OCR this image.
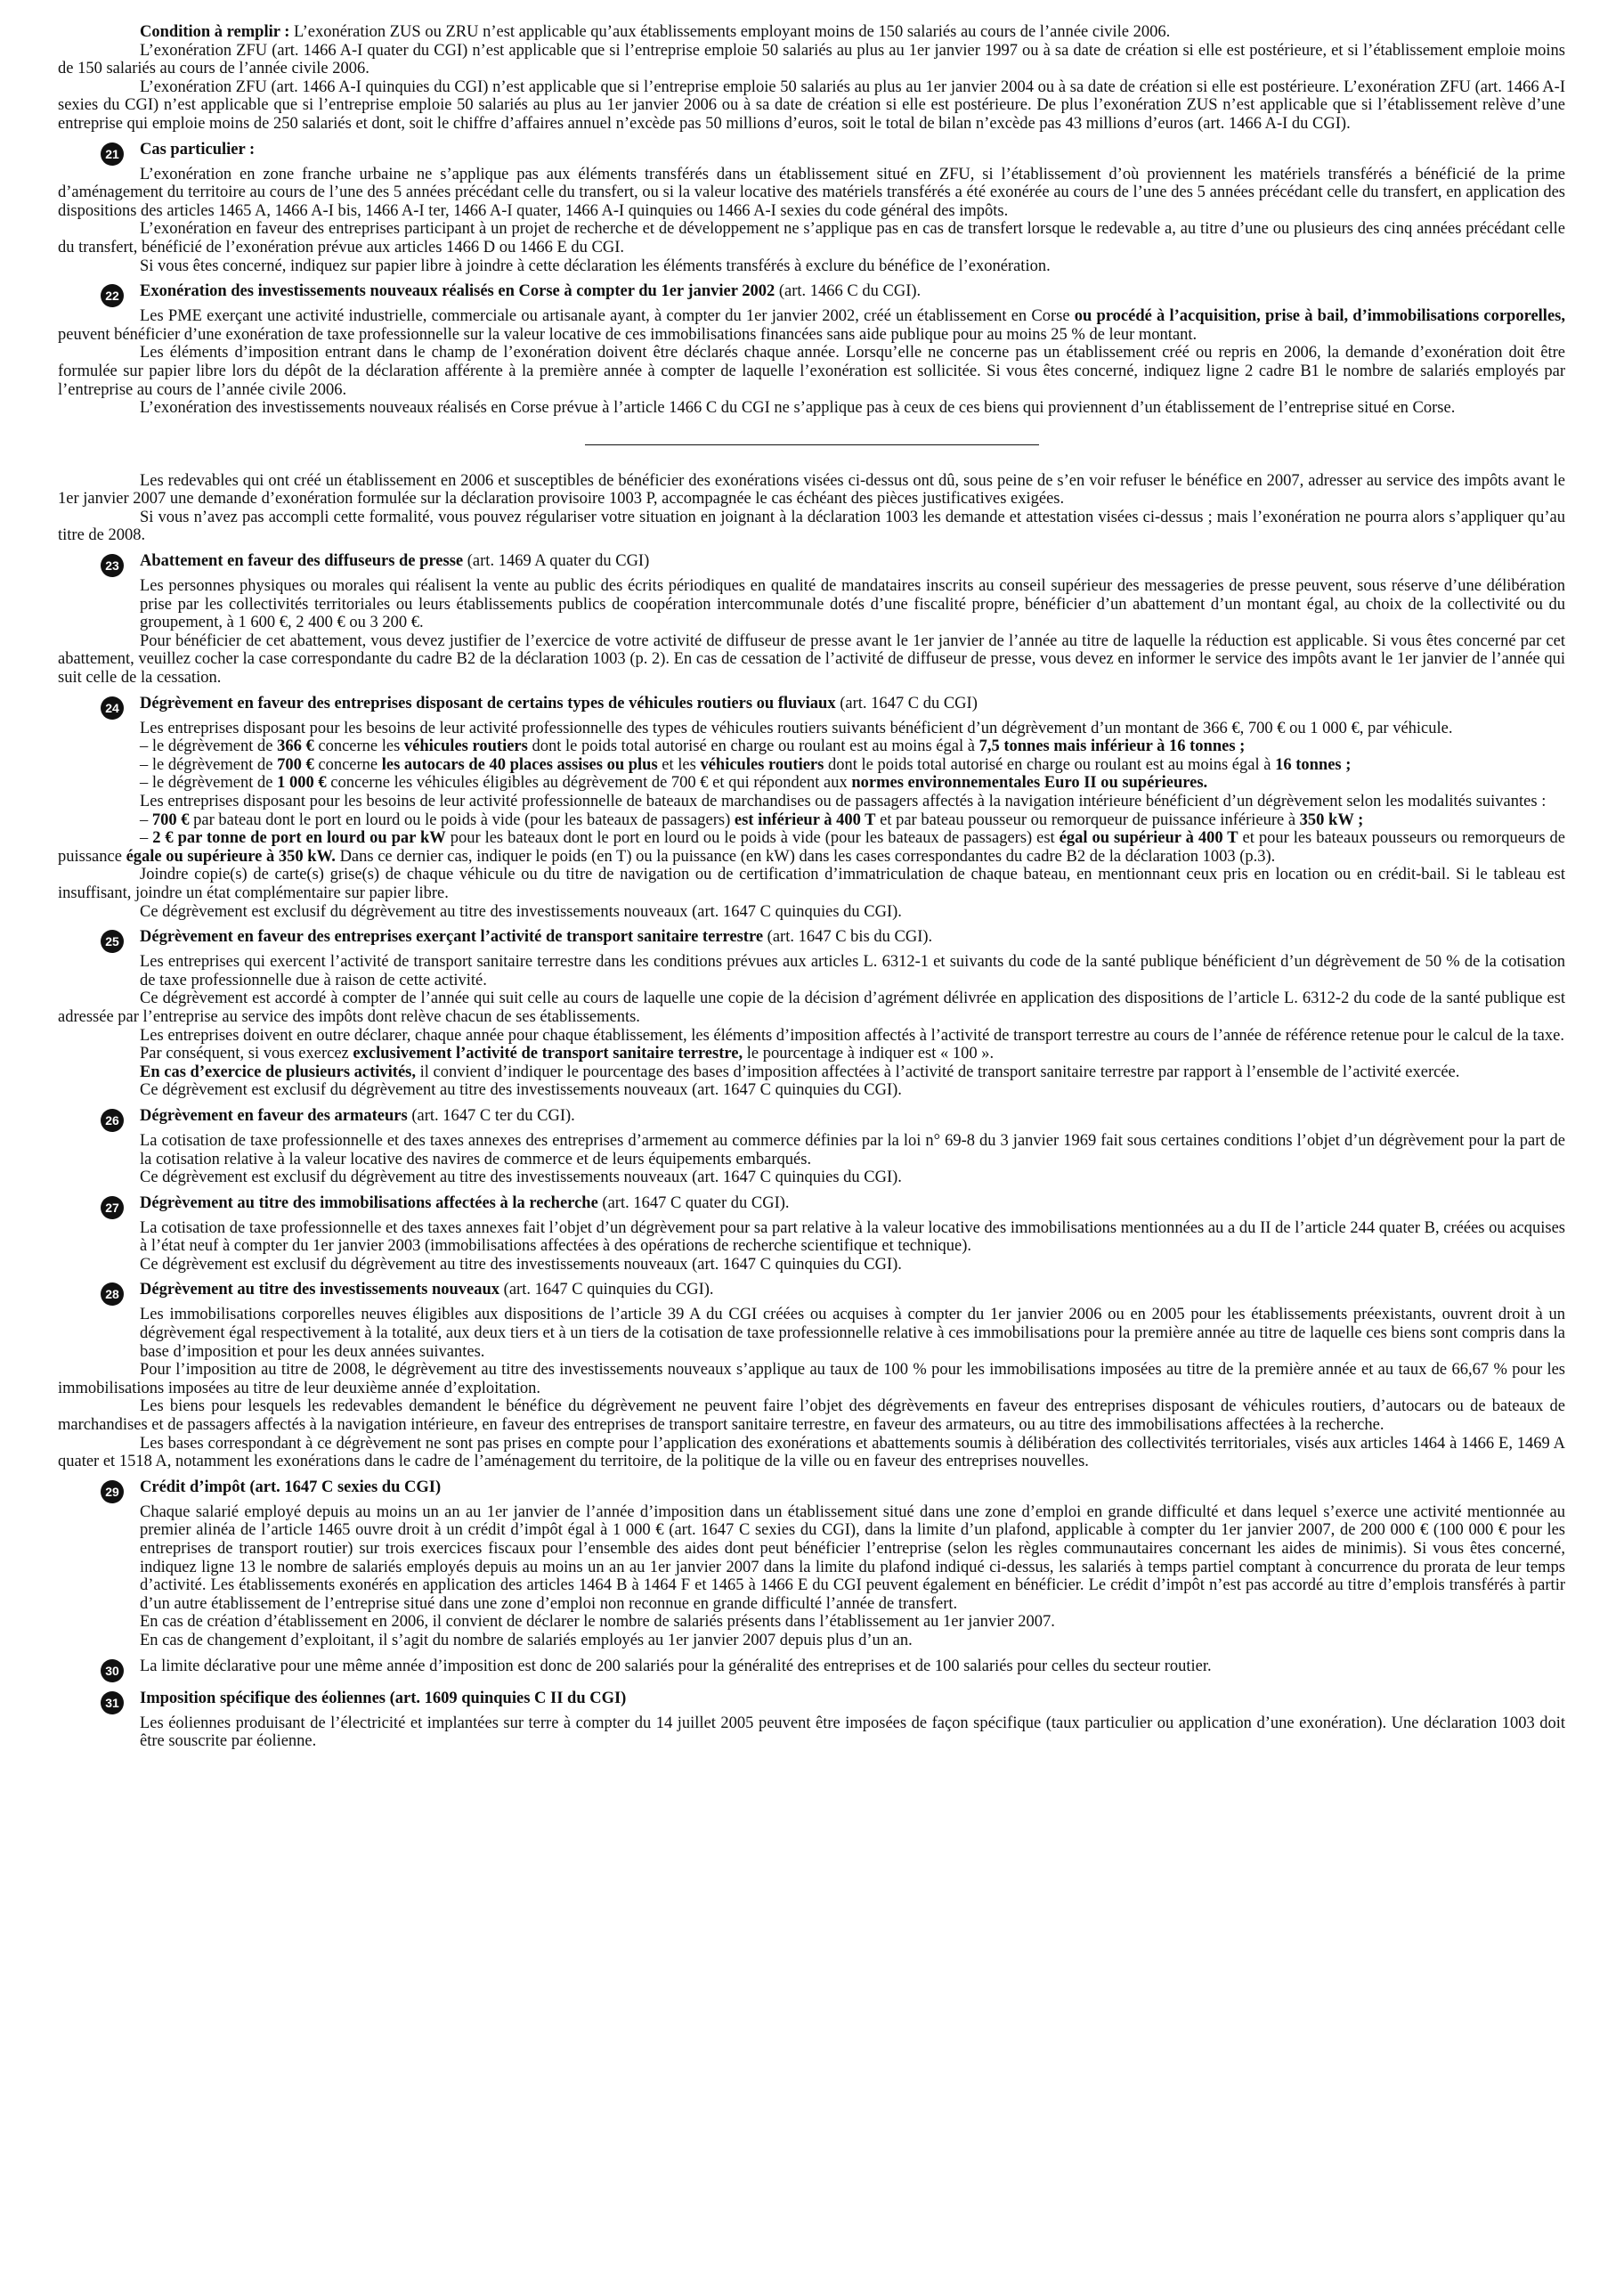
Condition à remplir : L’exonération ZUS ou ZRU n’est applicable qu’aux établissements employant moins de 150 salariés au cours de l’année civile 2006.

L’exonération ZFU (art. 1466 A-I quater du CGI) n’est applicable que si l’entreprise emploie 50 salariés au plus au 1er janvier 1997 ou à sa date de création si elle est postérieure, et si l’établissement emploie moins de 150 salariés au cours de l’année civile 2006.

L’exonération ZFU (art. 1466 A-I quinquies du CGI) n’est applicable que si l’entreprise emploie 50 salariés au plus au 1er janvier 2004 ou à sa date de création si elle est postérieure. L’exonération ZFU (art. 1466 A-I sexies du CGI) n’est applicable que si l’entreprise emploie 50 salariés au plus au 1er janvier 2006 ou à sa date de création si elle est postérieure. De plus l’exonération ZUS n’est applicable que si l’établissement relève d’une entreprise qui emploie moins de 250 salariés et dont, soit le chiffre d’affaires annuel n’excède pas 50 millions d’euros, soit le total de bilan n’excède pas 43 millions d’euros (art. 1466 A-I du CGI).

21 Cas particulier :

L’exonération en zone franche urbaine ne s’applique pas aux éléments transférés dans un établissement situé en ZFU, si l’établissement d’où proviennent les matériels transférés a bénéficié de la prime d’aménagement du territoire au cours de l’une des 5 années précédant celle du transfert, ou si la valeur locative des matériels transférés a été exonérée au cours de l’une des 5 années précédant celle du transfert, en application des dispositions des articles 1465 A, 1466 A-I bis, 1466 A-I ter, 1466 A-I quater, 1466 A-I quinquies ou 1466 A-I sexies du code général des impôts.

L’exonération en faveur des entreprises participant à un projet de recherche et de développement ne s’applique pas en cas de transfert lorsque le redevable a, au titre d’une ou plusieurs des cinq années précédant celle du transfert, bénéficié de l’exonération prévue aux articles 1466 D ou 1466 E du CGI.

Si vous êtes concerné, indiquez sur papier libre à joindre à cette déclaration les éléments transférés à exclure du bénéfice de l’exonération.

22 Exonération des investissements nouveaux réalisés en Corse à compter du 1er janvier 2002 (art. 1466 C du CGI).

Les PME exerçant une activité industrielle, commerciale ou artisanale ayant, à compter du 1er janvier 2002, créé un établissement en Corse ou procédé à l’acquisition, prise à bail, d’immobilisations corporelles, peuvent bénéficier d’une exonération de taxe professionnelle sur la valeur locative de ces immobilisations financées sans aide publique pour au moins 25 % de leur montant.

Les éléments d’imposition entrant dans le champ de l’exonération doivent être déclarés chaque année. Lorsqu’elle ne concerne pas un établissement créé ou repris en 2006, la demande d’exonération doit être formulée sur papier libre lors du dépôt de la déclaration afférente à la première année à compter de laquelle l’exonération est sollicitée. Si vous êtes concerné, indiquez ligne 2 cadre B1 le nombre de salariés employés par l’entreprise au cours de l’année civile 2006.

L’exonération des investissements nouveaux réalisés en Corse prévue à l’article 1466 C du CGI ne s’applique pas à ceux de ces biens qui proviennent d’un établissement de l’entreprise situé en Corse.

Les redevables qui ont créé un établissement en 2006 et susceptibles de bénéficier des exonérations visées ci-dessus ont dû, sous peine de s’en voir refuser le bénéfice en 2007, adresser au service des impôts avant le 1er janvier 2007 une demande d’exonération formulée sur la déclaration provisoire 1003 P, accompagnée le cas échéant des pièces justificatives exigées.

Si vous n’avez pas accompli cette formalité, vous pouvez régulariser votre situation en joignant à la déclaration 1003 les demande et attestation visées ci-dessus ; mais l’exonération ne pourra alors s’appliquer qu’au titre de 2008.

23 Abattement en faveur des diffuseurs de presse (art. 1469 A quater du CGI)

Les personnes physiques ou morales qui réalisent la vente au public des écrits périodiques en qualité de mandataires inscrits au conseil supérieur des messageries de presse peuvent, sous réserve d’une délibération prise par les collectivités territoriales ou leurs établissements publics de coopération intercommunale dotés d’une fiscalité propre, bénéficier d’un abattement d’un montant égal, au choix de la collectivité ou du groupement, à 1 600 €, 2 400 € ou 3 200 €.

Pour bénéficier de cet abattement, vous devez justifier de l’exercice de votre activité de diffuseur de presse avant le 1er janvier de l’année au titre de laquelle la réduction est applicable. Si vous êtes concerné par cet abattement, veuillez cocher la case correspondante du cadre B2 de la déclaration 1003 (p. 2). En cas de cessation de l’activité de diffuseur de presse, vous devez en informer le service des impôts avant le 1er janvier de l’année qui suit celle de la cessation.

24 Dégrèvement en faveur des entreprises disposant de certains types de véhicules routiers ou fluviaux (art. 1647 C du CGI)

Les entreprises disposant pour les besoins de leur activité professionnelle des types de véhicules routiers suivants bénéficient d’un dégrèvement d’un montant de 366 €, 700 € ou 1 000 €, par véhicule.

– le dégrèvement de 366 € concerne les véhicules routiers dont le poids total autorisé en charge ou roulant est au moins égal à 7,5 tonnes mais inférieur à 16 tonnes ;

– le dégrèvement de 700 € concerne les autocars de 40 places assises ou plus et les véhicules routiers dont le poids total autorisé en charge ou roulant est au moins égal à 16 tonnes ;

– le dégrèvement de 1 000 € concerne les véhicules éligibles au dégrèvement de 700 € et qui répondent aux normes environnementales Euro II ou supérieures.

Les entreprises disposant pour les besoins de leur activité professionnelle de bateaux de marchandises ou de passagers affectés à la navigation intérieure bénéficient d’un dégrèvement selon les modalités suivantes :

– 700 € par bateau dont le port en lourd ou le poids à vide (pour les bateaux de passagers) est inférieur à 400 T et par bateau pousseur ou remorqueur de puissance inférieure à 350 kW ;

– 2 € par tonne de port en lourd ou par kW pour les bateaux dont le port en lourd ou le poids à vide (pour les bateaux de passagers) est égal ou supérieur à 400 T et pour les bateaux pousseurs ou remorqueurs de puissance égale ou supérieure à 350 kW. Dans ce dernier cas, indiquer le poids (en T) ou la puissance (en kW) dans les cases correspondantes du cadre B2 de la déclaration 1003 (p.3).

Joindre copie(s) de carte(s) grise(s) de chaque véhicule ou du titre de navigation ou de certification d’immatriculation de chaque bateau, en mentionnant ceux pris en location ou en crédit-bail. Si le tableau est insuffisant, joindre un état complémentaire sur papier libre.

Ce dégrèvement est exclusif du dégrèvement au titre des investissements nouveaux (art. 1647 C quinquies du CGI).

25 Dégrèvement en faveur des entreprises exerçant l’activité de transport sanitaire terrestre (art. 1647 C bis du CGI).

Les entreprises qui exercent l’activité de transport sanitaire terrestre dans les conditions prévues aux articles L. 6312-1 et suivants du code de la santé publique bénéficient d’un dégrèvement de 50 % de la cotisation de taxe professionnelle due à raison de cette activité.

Ce dégrèvement est accordé à compter de l’année qui suit celle au cours de laquelle une copie de la décision d’agrément délivrée en application des dispositions de l’article L. 6312-2 du code de la santé publique est adressée par l’entreprise au service des impôts dont relève chacun de ses établissements.

Les entreprises doivent en outre déclarer, chaque année pour chaque établissement, les éléments d’imposition affectés à l’activité de transport terrestre au cours de l’année de référence retenue pour le calcul de la taxe.

Par conséquent, si vous exercez exclusivement l’activité de transport sanitaire terrestre, le pourcentage à indiquer est « 100 ».

En cas d’exercice de plusieurs activités, il convient d’indiquer le pourcentage des bases d’imposition affectées à l’activité de transport sanitaire terrestre par rapport à l’ensemble de l’activité exercée.

Ce dégrèvement est exclusif du dégrèvement au titre des investissements nouveaux (art. 1647 C quinquies du CGI).

26 Dégrèvement en faveur des armateurs (art. 1647 C ter du CGI).

La cotisation de taxe professionnelle et des taxes annexes des entreprises d’armement au commerce définies par la loi n° 69-8 du 3 janvier 1969 fait sous certaines conditions l’objet d’un dégrèvement pour la part de la cotisation relative à la valeur locative des navires de commerce et de leurs équipements embarqués.

Ce dégrèvement est exclusif du dégrèvement au titre des investissements nouveaux (art. 1647 C quinquies du CGI).

27 Dégrèvement au titre des immobilisations affectées à la recherche (art. 1647 C quater du CGI).

La cotisation de taxe professionnelle et des taxes annexes fait l’objet d’un dégrèvement pour sa part relative à la valeur locative des immobilisations mentionnées au a du II de l’article 244 quater B, créées ou acquises à l’état neuf à compter du 1er janvier 2003 (immobilisations affectées à des opérations de recherche scientifique et technique).

Ce dégrèvement est exclusif du dégrèvement au titre des investissements nouveaux (art. 1647 C quinquies du CGI).

28 Dégrèvement au titre des investissements nouveaux (art. 1647 C quinquies du CGI).

Les immobilisations corporelles neuves éligibles aux dispositions de l’article 39 A du CGI créées ou acquises à compter du 1er janvier 2006 ou en 2005 pour les établissements préexistants, ouvrent droit à un dégrèvement égal respectivement à la totalité, aux deux tiers et à un tiers de la cotisation de taxe professionnelle relative à ces immobilisations pour la première année au titre de laquelle ces biens sont compris dans la base d’imposition et pour les deux années suivantes.

Pour l’imposition au titre de 2008, le dégrèvement au titre des investissements nouveaux s’applique au taux de 100 % pour les immobilisations imposées au titre de la première année et au taux de 66,67 % pour les immobilisations imposées au titre de leur deuxième année d’exploitation.

Les biens pour lesquels les redevables demandent le bénéfice du dégrèvement ne peuvent faire l’objet des dégrèvements en faveur des entreprises disposant de véhicules routiers, d’autocars ou de bateaux de marchandises et de passagers affectés à la navigation intérieure, en faveur des entreprises de transport sanitaire terrestre, en faveur des armateurs, ou au titre des immobilisations affectées à la recherche.

Les bases correspondant à ce dégrèvement ne sont pas prises en compte pour l’application des exonérations et abattements soumis à délibération des collectivités territoriales, visés aux articles 1464 à 1466 E, 1469 A quater et 1518 A, notamment les exonérations dans le cadre de l’aménagement du territoire, de la politique de la ville ou en faveur des entreprises nouvelles.

29 Crédit d’impôt (art. 1647 C sexies du CGI)

Chaque salarié employé depuis au moins un an au 1er janvier de l’année d’imposition dans un établissement situé dans une zone d’emploi en grande difficulté et dans lequel s’exerce une activité mentionnée au premier alinéa de l’article 1465 ouvre droit à un crédit d’impôt égal à 1 000 € (art. 1647 C sexies du CGI), dans la limite d’un plafond, applicable à compter du 1er janvier 2007, de 200 000 € (100 000 € pour les entreprises de transport routier) sur trois exercices fiscaux pour l’ensemble des aides dont peut bénéficier l’entreprise (selon les règles communautaires concernant les aides de minimis). Si vous êtes concerné, indiquez ligne 13 le nombre de salariés employés depuis au moins un an au 1er janvier 2007 dans la limite du plafond indiqué ci-dessus, les salariés à temps partiel comptant à concurrence du prorata de leur temps d’activité. Les établissements exonérés en application des articles 1464 B à 1464 F et 1465 à 1466 E du CGI peuvent également en bénéficier. Le crédit d’impôt n’est pas accordé au titre d’emplois transférés à partir d’un autre établissement de l’entreprise situé dans une zone d’emploi non reconnue en grande difficulté l’année de transfert.

En cas de création d’établissement en 2006, il convient de déclarer le nombre de salariés présents dans l’établissement au 1er janvier 2007.

En cas de changement d’exploitant, il s’agit du nombre de salariés employés au 1er janvier 2007 depuis plus d’un an.

30 La limite déclarative pour une même année d’imposition est donc de 200 salariés pour la généralité des entreprises et de 100 salariés pour celles du secteur routier.

31 Imposition spécifique des éoliennes (art. 1609 quinquies C II du CGI)

Les éoliennes produisant de l’électricité et implantées sur terre à compter du 14 juillet 2005 peuvent être imposées de façon spécifique (taux particulier ou application d’une exonération). Une déclaration 1003 doit être souscrite par éolienne.
